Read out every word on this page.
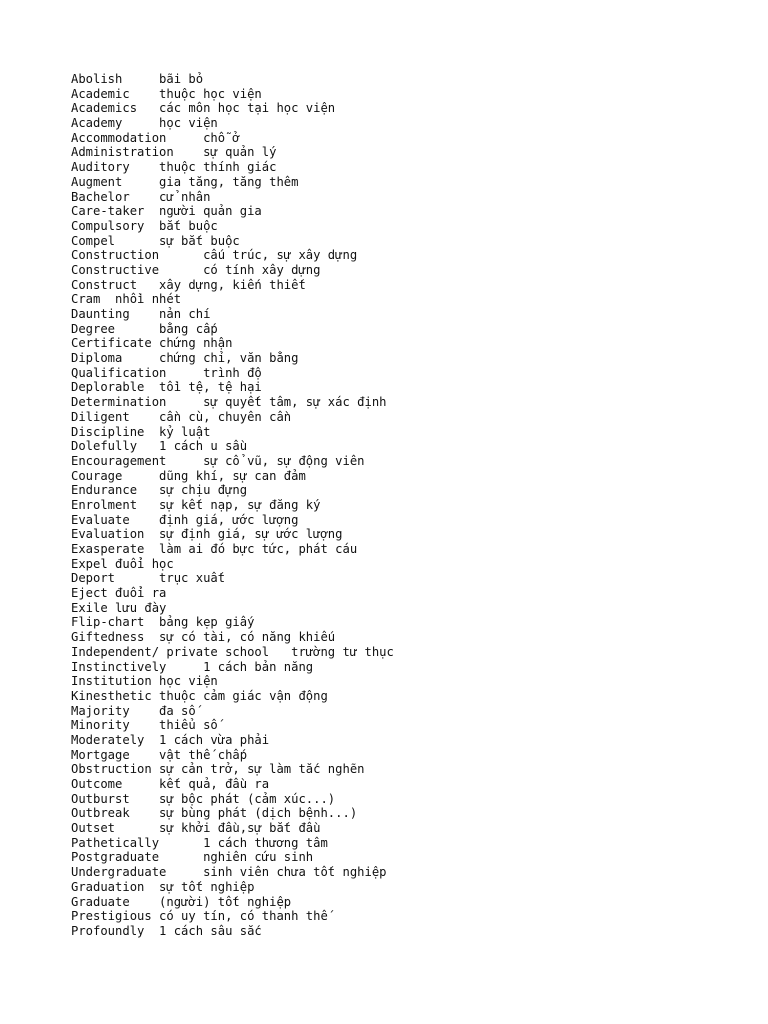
Abolish     bãi bỏ
Academic    thuộc học viện
Academics   các môn học tại học viện
Academy     học viện
Accommodation     chỗ ở
Administration    sự quản lý
Auditory    thuộc thính giác
Augment     gia tăng, tăng thêm
Bachelor    cử nhân
Care-taker  người quản gia
Compulsory  bắt buộc
Compel      sự bắt buộc
Construction      cấu trúc, sự xây dựng
Constructive      có tính xây dựng
Construct   xây dựng, kiến thiết
Cram  nhồi nhét
Daunting    nản chí
Degree      bằng cấp
Certificate chứng nhận
Diploma     chứng chỉ, văn bằng
Qualification     trình độ
Deplorable  tồi tệ, tệ hại
Determination     sự quyết tâm, sự xác định
Diligent    cần cù, chuyên cần
Discipline  kỷ luật
Dolefully   1 cách u sầu
Encouragement     sự cổ vũ, sự động viên
Courage     dũng khí, sự can đảm
Endurance   sự chịu đựng
Enrolment   sự kết nạp, sự đăng ký
Evaluate    định giá, ước lượng
Evaluation  sự định giá, sự ước lượng
Exasperate  làm ai đó bực tức, phát cáu
Expel đuổi học
Deport      trục xuất
Eject đuổi ra
Exile lưu đày
Flip-chart  bảng kẹp giấy
Giftedness  sự có tài, có năng khiếu
Independent/ private school   trường tư thục
Instinctively     1 cách bản năng
Institution học viện
Kinesthetic thuộc cảm giác vận động
Majority    đa số
Minority    thiểu số
Moderately  1 cách vừa phải
Mortgage    vật thế chấp
Obstruction sự cản trở, sự làm tắc nghẽn
Outcome     kết quả, đầu ra
Outburst    sự bộc phát (cảm xúc...)
Outbreak    sự bùng phát (dịch bệnh...)
Outset      sự khởi đầu,sự bắt đầu
Pathetically      1 cách thương tâm
Postgraduate      nghiên cứu sinh
Undergraduate     sinh viên chưa tốt nghiệp
Graduation  sự tốt nghiệp
Graduate    (người) tốt nghiệp
Prestigious có uy tín, có thanh thế
Profoundly  1 cách sâu sắc
